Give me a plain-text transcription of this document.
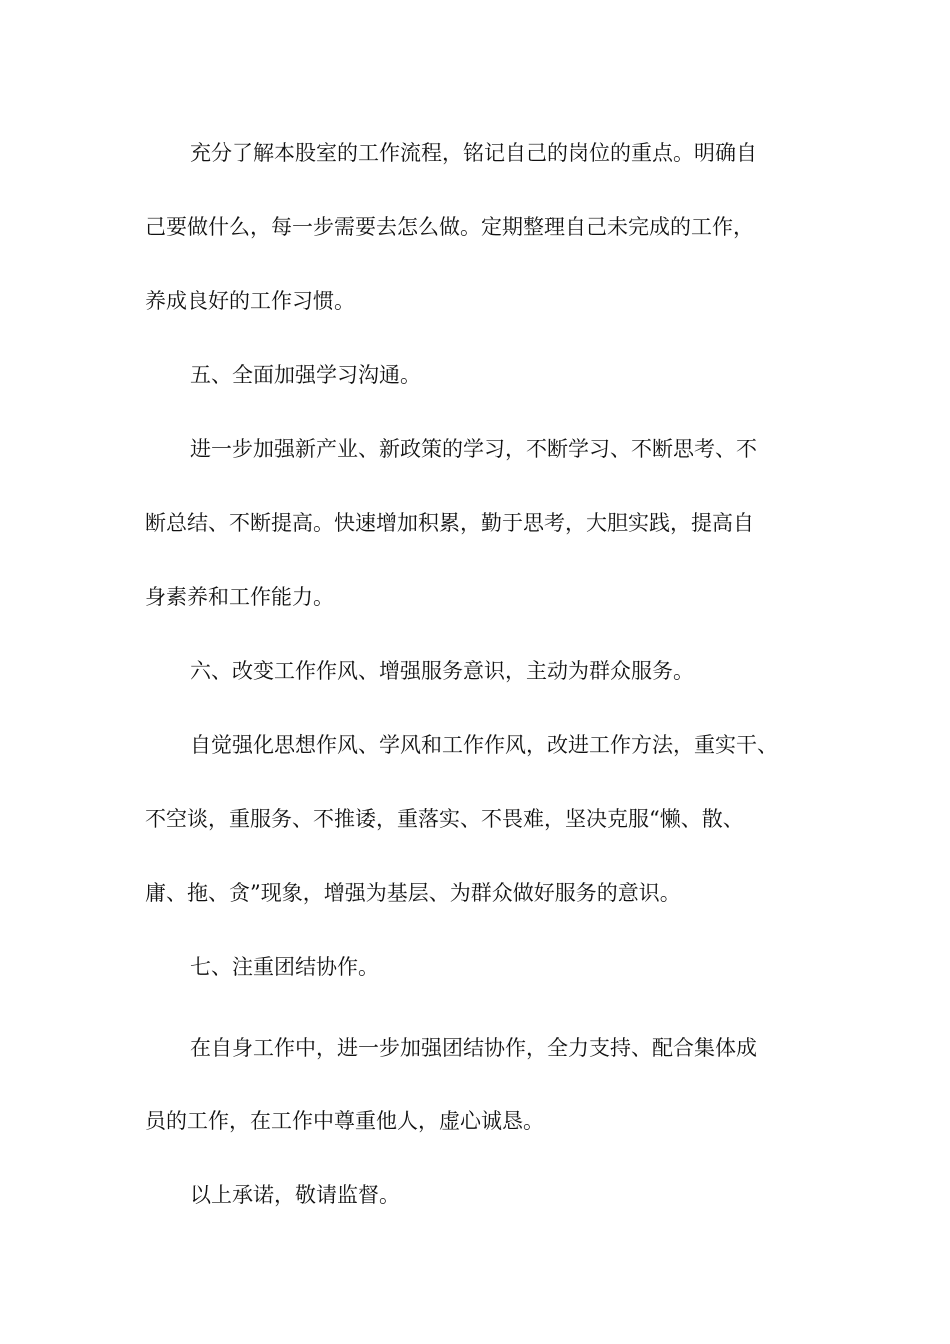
充分了解本股室的工作流程，铭记自己的岗位的重点。明确自

己要做什么，每一步需要去怎么做。定期整理自己未完成的工作，

养成良好的工作习惯。

五、全面加强学习沟通。

进一步加强新产业、新政策的学习，不断学习、不断思考、不

断总结、不断提高。快速增加积累，勤于思考，大胆实践，提高自

身素养和工作能力。

六、改变工作作风、增强服务意识，主动为群众服务。

自觉强化思想作风、学风和工作作风，改进工作方法，重实干、

不空谈，重服务、不推诿，重落实、不畏难，坚决克服“懒、散、

庸、拖、贪”现象，增强为基层、为群众做好服务的意识。

七、注重团结协作。

在自身工作中，进一步加强团结协作，全力支持、配合集体成

员的工作，在工作中尊重他人，虚心诚恳。

以上承诺，敬请监督。
